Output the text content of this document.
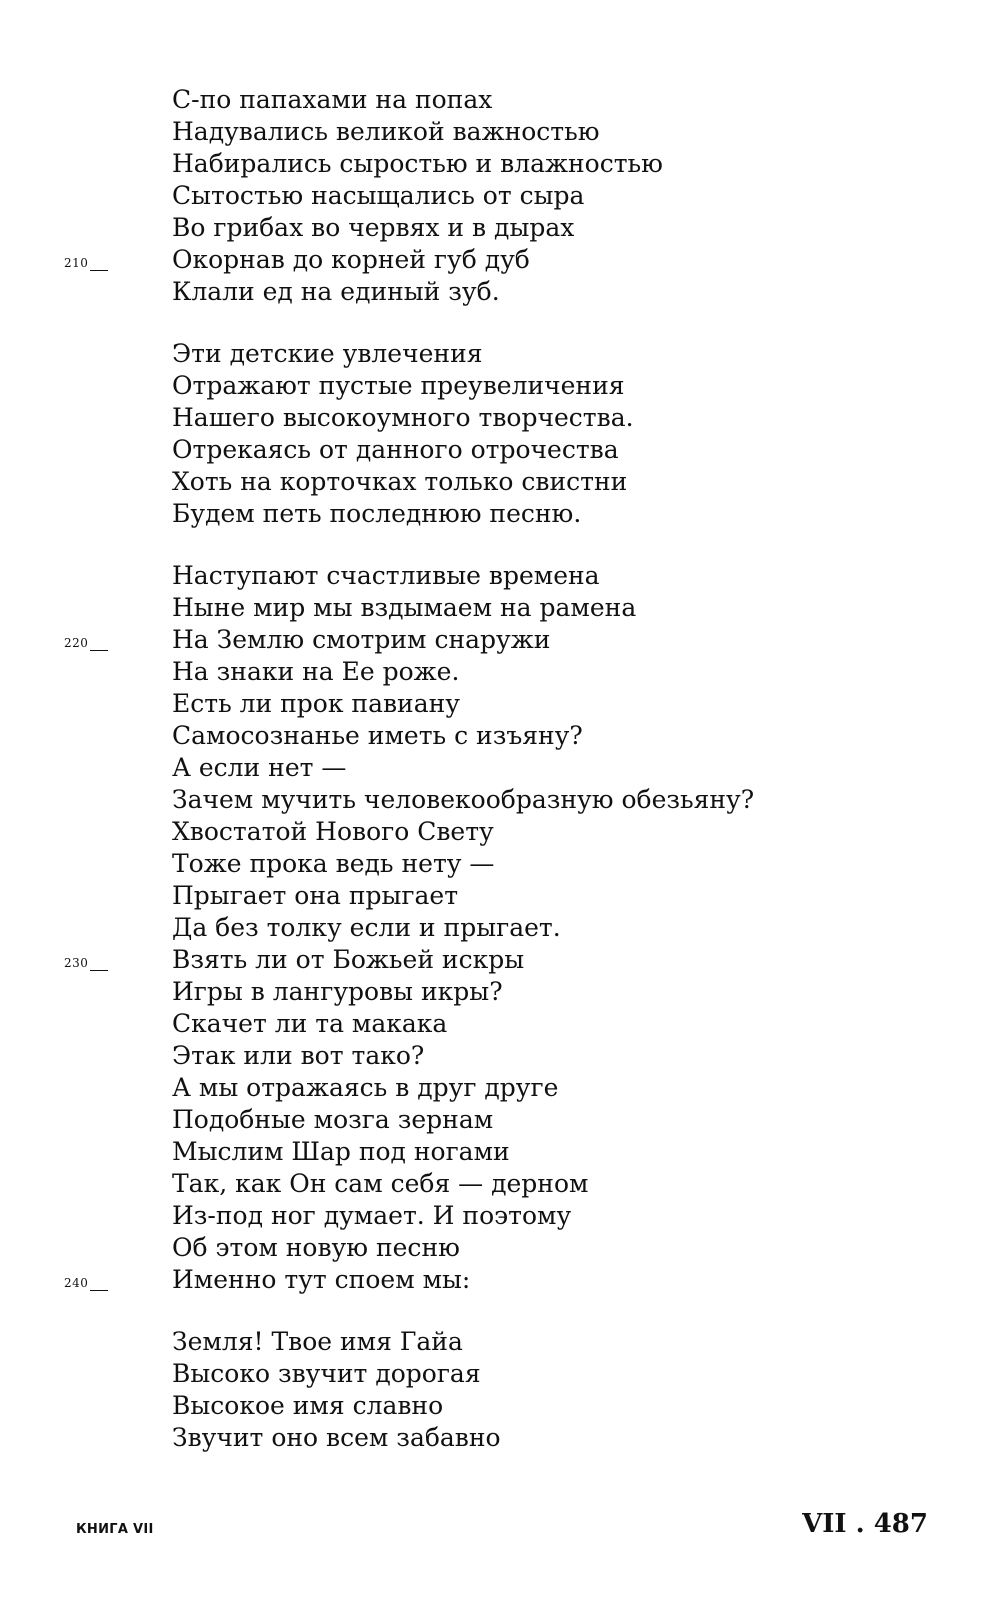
С-по папахами на попах
Надувались великой важностью
Набирались сыростью и влажностью
Сытостью насыщались от сыра
Во грибах во червях и в дырах
210	Окорнав до корней губ дуб
Клали ед на единый зуб.
Эти детские увлечения
Отражают пустые преувеличения
Нашего высокоумного творчества.
Отрекаясь от данного отрочества
Хоть на корточках только свистни
Будем петь последнюю песню.
Наступают счастливые времена
Ныне мир мы вздымаем на рамена
220	На Землю смотрим снаружи
На знаки на Ее роже.
Есть ли прок павиану
Самосознанье иметь с изъяну?
А если нет —
Зачем мучить человекообразную обезьяну?
Хвостатой Нового Свету
Тоже прока ведь нету —
Прыгает она прыгает
Да без толку если и прыгает.
230	Взять ли от Божьей искры
Игры в лангуровы икры?
Скачет ли та макака
Этак или вот тако?
А мы отражаясь в друг друге
Подобные мозга зернам
Мыслим Шар под ногами
Так, как Он сам себя — дерном
Из-под ног думает. И поэтому
Об этом новую песню
240	Именно тут споем мы:
Земля! Твое имя Гайа
Высоко звучит дорогая
Высокое имя славно
Звучит оно всем забавно
КНИГА VII	VII . 487
